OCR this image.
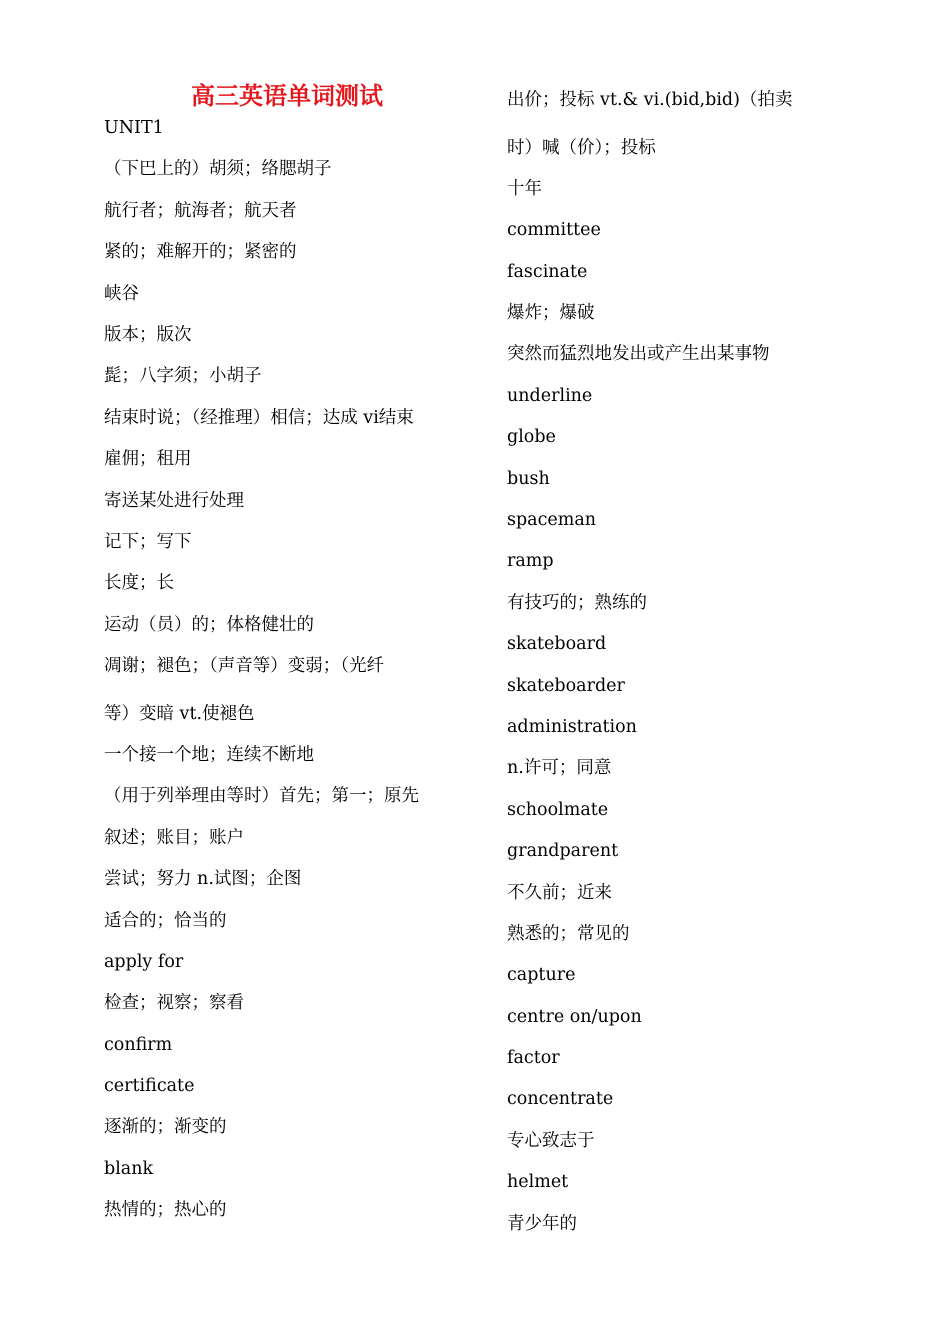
高三英语单词测试
UNIT1
（下巴上的）胡须；络腮胡子
航行者；航海者；航天者
紧的；难解开的；紧密的
峡谷
版本；版次
髭；八字须；小胡子
结束时说；（经推理）相信；达成 vi结束
雇佣；租用
寄送某处进行处理
记下；写下
长度；长
运动（员）的；体格健壮的
凋谢；褪色；（声音等）变弱；（光纤
等）变暗 vt.使褪色
一个接一个地；连续不断地
（用于列举理由等时）首先；第一；原先
叙述；账目；账户
尝试；努力 n.试图；企图
适合的；恰当的
apply for
检查；视察；察看
confirm
certificate
逐渐的；渐变的
blank
热情的；热心的
出价；投标 vt.& vi.(bid,bid)（拍卖
时）喊（价）；投标
十年
committee
fascinate
爆炸；爆破
突然而猛烈地发出或产生出某事物
underline
globe
bush
spaceman
ramp
有技巧的；熟练的
skateboard
skateboarder
administration
n.许可；同意
schoolmate
grandparent
不久前；近来
熟悉的；常见的
capture
centre on/upon
factor
concentrate
专心致志于
helmet
青少年的
